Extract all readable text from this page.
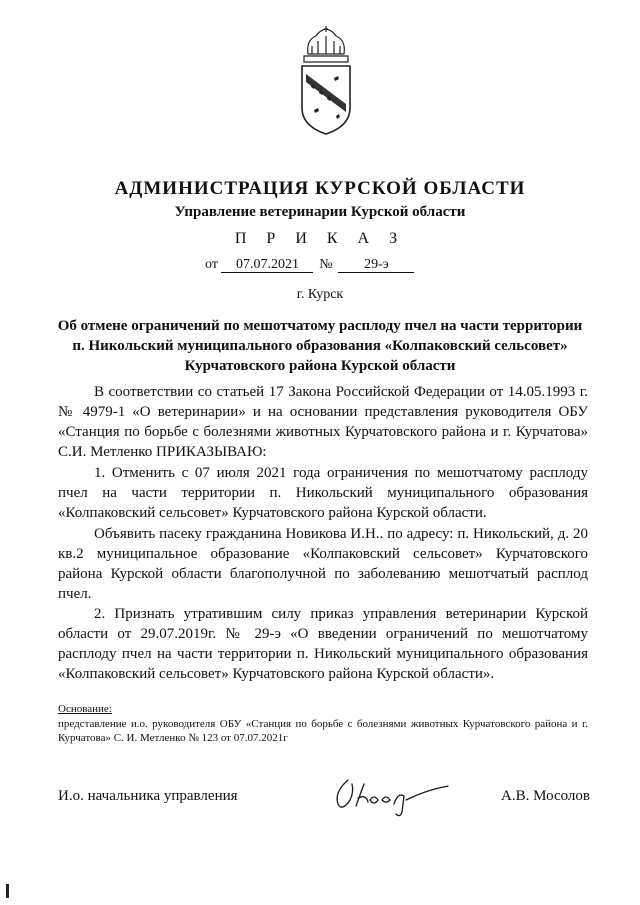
АДМИНИСТРАЦИЯ КУРСКОЙ ОБЛАСТИ
Управление ветеринарии Курской области
П Р И К А З
от 07.07.2021 № 29-э
г. Курск
Об отмене ограничений по мешотчатому расплоду пчел на части территории
п. Никольский муниципального образования «Колпаковский сельсовет»
Курчатовского района Курской области
В соответствии со статьей 17 Закона Российской Федерации от 14.05.1993 г. № 4979-1 «О ветеринарии» и на основании представления руководителя ОБУ «Станция по борьбе с болезнями животных Курчатовского района и г. Курчатова» С.И. Метленко ПРИКАЗЫВАЮ:
1. Отменить с 07 июля 2021 года ограничения по мешотчатому расплоду пчел на части территории п. Никольский муниципального образования «Колпаковский сельсовет» Курчатовского района Курской области.
Объявить пасеку гражданина Новикова И.Н.. по адресу: п. Никольский, д. 20 кв.2 муниципальное образование «Колпаковский сельсовет» Курчатовского района Курской области благополучной по заболеванию мешотчатый расплод пчел.
2. Признать утратившим силу приказ управления ветеринарии Курской области от 29.07.2019г. № 29-э «О введении ограничений по мешотчатому расплоду пчел на части территории п. Никольский муниципального образования «Колпаковский сельсовет» Курчатовского района Курской области».
Основание:
представление и.о. руководителя ОБУ «Станция по борьбе с болезнями животных Курчатовского района и г. Курчатова» С. И. Метленко № 123 от 07.07.2021г
И.о. начальника управления	А.В. Мосолов
